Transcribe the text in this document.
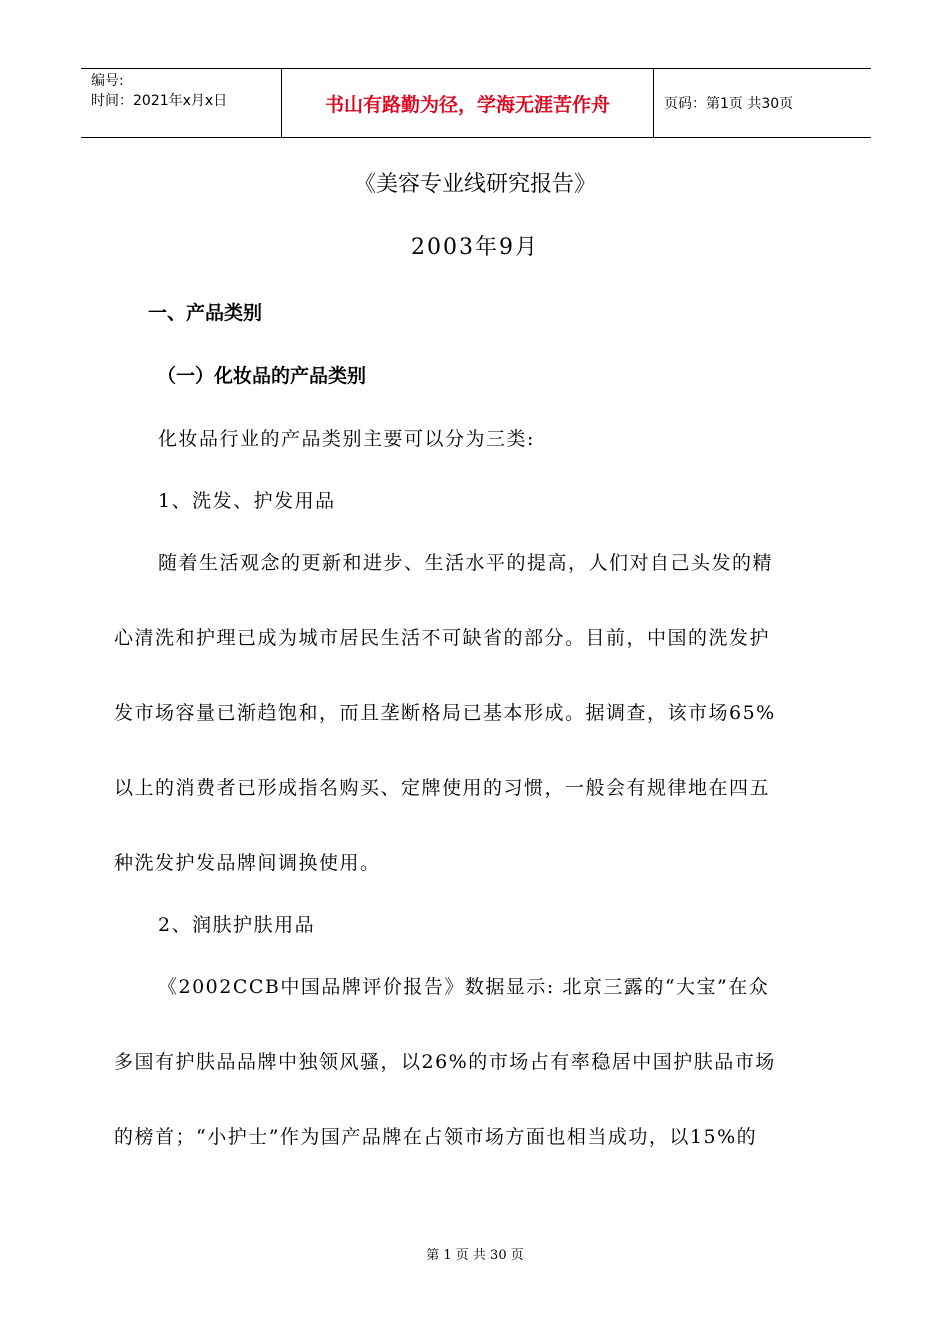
编号:
时间：2021年x月x日	书山有路勤为径，学海无涯苦作舟	页码：第1页 共30页
《美容专业线研究报告》
2003年9月
一、产品类别
（一）化妆品的产品类别
化妆品行业的产品类别主要可以分为三类:
1、洗发、护发用品
随着生活观念的更新和进步、生活水平的提高，人们对自己头发的精
心清洗和护理已成为城市居民生活不可缺省的部分。目前，中国的洗发护
发市场容量已渐趋饱和，而且垄断格局已基本形成。据调查，该市场65%
以上的消费者已形成指名购买、定牌使用的习惯，一般会有规律地在四五
种洗发护发品牌间调换使用。
2、润肤护肤用品
《2002CCB中国品牌评价报告》数据显示: 北京三露的“大宝”在众
多国有护肤品品牌中独领风骚，以26%的市场占有率稳居中国护肤品市场
的榜首；“小护士”作为国产品牌在占领市场方面也相当成功，以15%的
第 1 页 共 30 页
